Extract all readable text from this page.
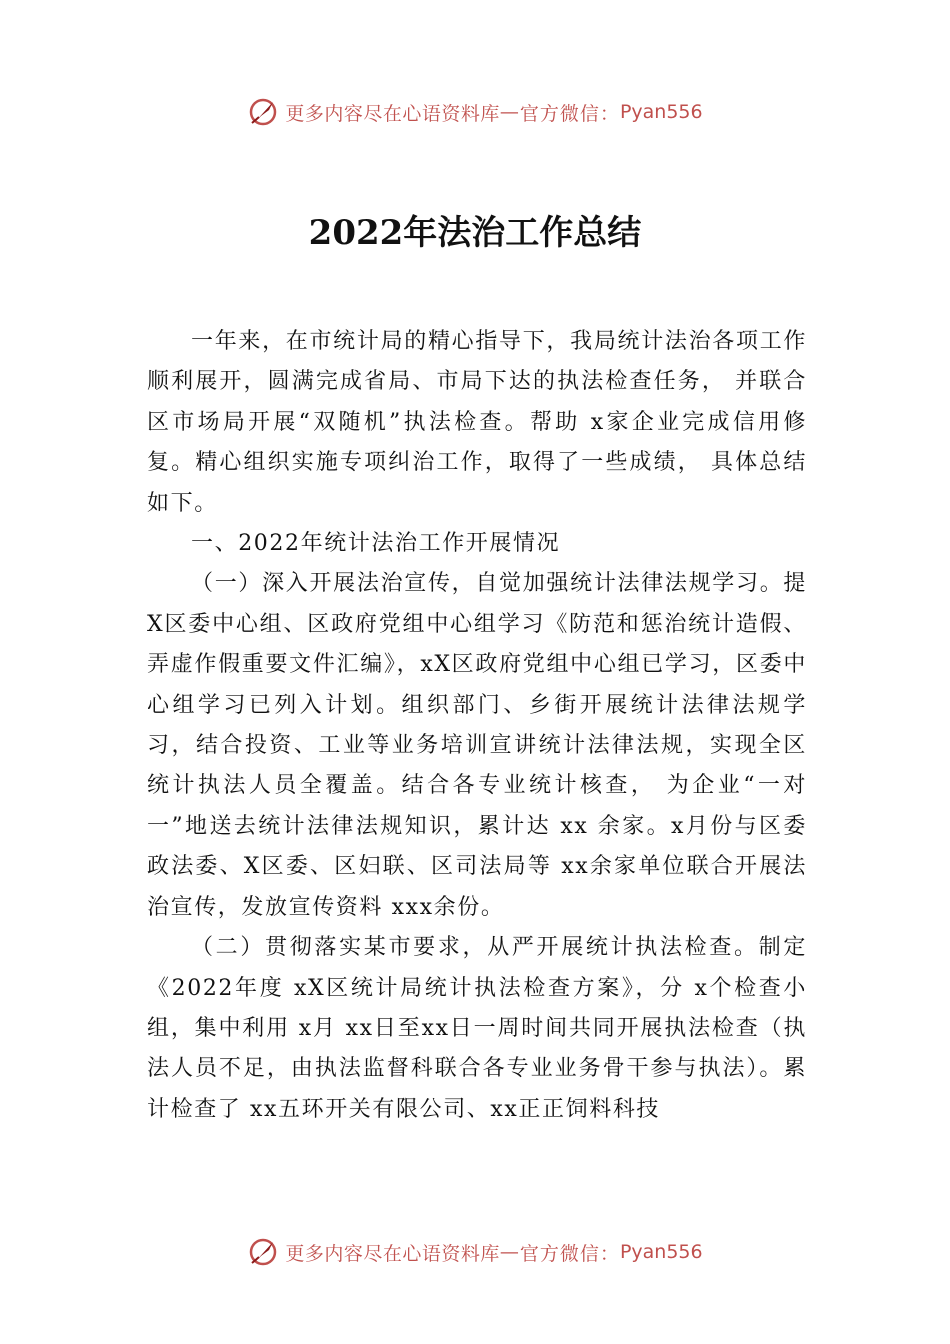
更多内容尽在心语资料库 — 官方微信： Pyan556
2022年法治工作总结

一年来，在市统计局的精心指导下，我局统计法治各项工作顺利展开，圆满完成省局、市局下达的执法检查任务， 并联合区市场局开展“双随机”执法检查。帮助 x家企业完成信用修复。精心组织实施专项纠治工作，取得了一些成绩， 具体总结如下。

一、2022年统计法治工作开展情况

（一）深入开展法治宣传，自觉加强统计法律法规学习。提X区委中心组、区政府党组中心组学习《防范和惩治统计造假、弄虚作假重要文件汇编》，xX区政府党组中心组已学习，区委中心组学习已列入计划。组织部门、乡街开展统计法律法规学习，结合投资、工业等业务培训宣讲统计法律法规，实现全区统计执法人员全覆盖。结合各专业统计核查， 为企业“一对一”地送去统计法律法规知识，累计达 xx 余家。x月份与区委政法委、X区委、区妇联、区司法局等 xx余家单位联合开展法治宣传，发放宣传资料 xxx余份。

（二）贯彻落实某市要求，从严开展统计执法检查。制定《2022年度 xX区统计局统计执法检查方案》，分 x个检查小组，集中利用 x月 xx日至xx日一周时间共同开展执法检查（执法人员不足，由执法监督科联合各专业业务骨干参与执法）。累计检查了 xx五环开关有限公司、xx正正饲料科技

更多内容尽在心语资料库 — 官方微信： Pyan556
